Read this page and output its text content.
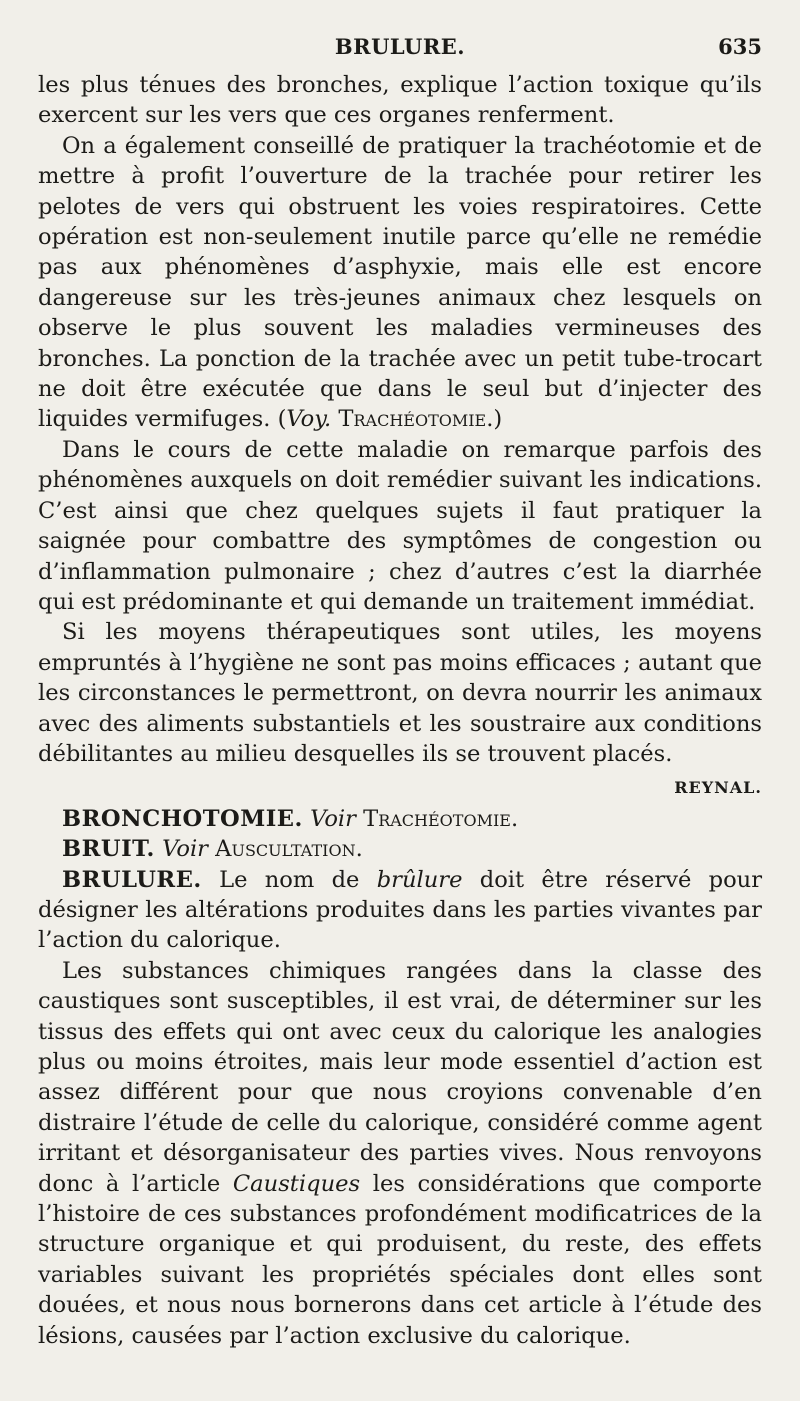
BRULURE.	635

les plus ténues des bronches, explique l’action toxique qu’ils exercent sur les vers que ces organes renferment.

On a également conseillé de pratiquer la trachéotomie et de mettre à profit l’ouverture de la trachée pour retirer les pelotes de vers qui obstruent les voies respiratoires. Cette opération est non-seulement inutile parce qu’elle ne remédie pas aux phénomènes d’asphyxie, mais elle est encore dangereuse sur les très-jeunes animaux chez lesquels on observe le plus souvent les maladies vermineuses des bronches. La ponction de la trachée avec un petit tube-trocart ne doit être exécutée que dans le seul but d’injecter des liquides vermifuges. (Voy. Trachéotomie.)

Dans le cours de cette maladie on remarque parfois des phénomènes auxquels on doit remédier suivant les indications. C’est ainsi que chez quelques sujets il faut pratiquer la saignée pour combattre des symptômes de congestion ou d’inflammation pulmonaire ; chez d’autres c’est la diarrhée qui est prédominante et qui demande un traitement immédiat.

Si les moyens thérapeutiques sont utiles, les moyens empruntés à l’hygiène ne sont pas moins efficaces ; autant que les circonstances le permettront, on devra nourrir les animaux avec des aliments substantiels et les soustraire aux conditions débilitantes au milieu desquelles ils se trouvent placés.
REYNAL.

BRONCHOTOMIE. Voir Trachéotomie.

BRUIT. Voir Auscultation.

BRULURE. Le nom de brûlure doit être réservé pour désigner les altérations produites dans les parties vivantes par l’action du calorique.

Les substances chimiques rangées dans la classe des caustiques sont susceptibles, il est vrai, de déterminer sur les tissus des effets qui ont avec ceux du calorique les analogies plus ou moins étroites, mais leur mode essentiel d’action est assez différent pour que nous croyions convenable d’en distraire l’étude de celle du calorique, considéré comme agent irritant et désorganisateur des parties vives. Nous renvoyons donc à l’article Caustiques les considérations que comporte l’histoire de ces substances profondément modificatrices de la structure organique et qui produisent, du reste, des effets variables suivant les propriétés spéciales dont elles sont douées, et nous nous bornerons dans cet article à l’étude des lésions, causées par l’action exclusive du calorique.
